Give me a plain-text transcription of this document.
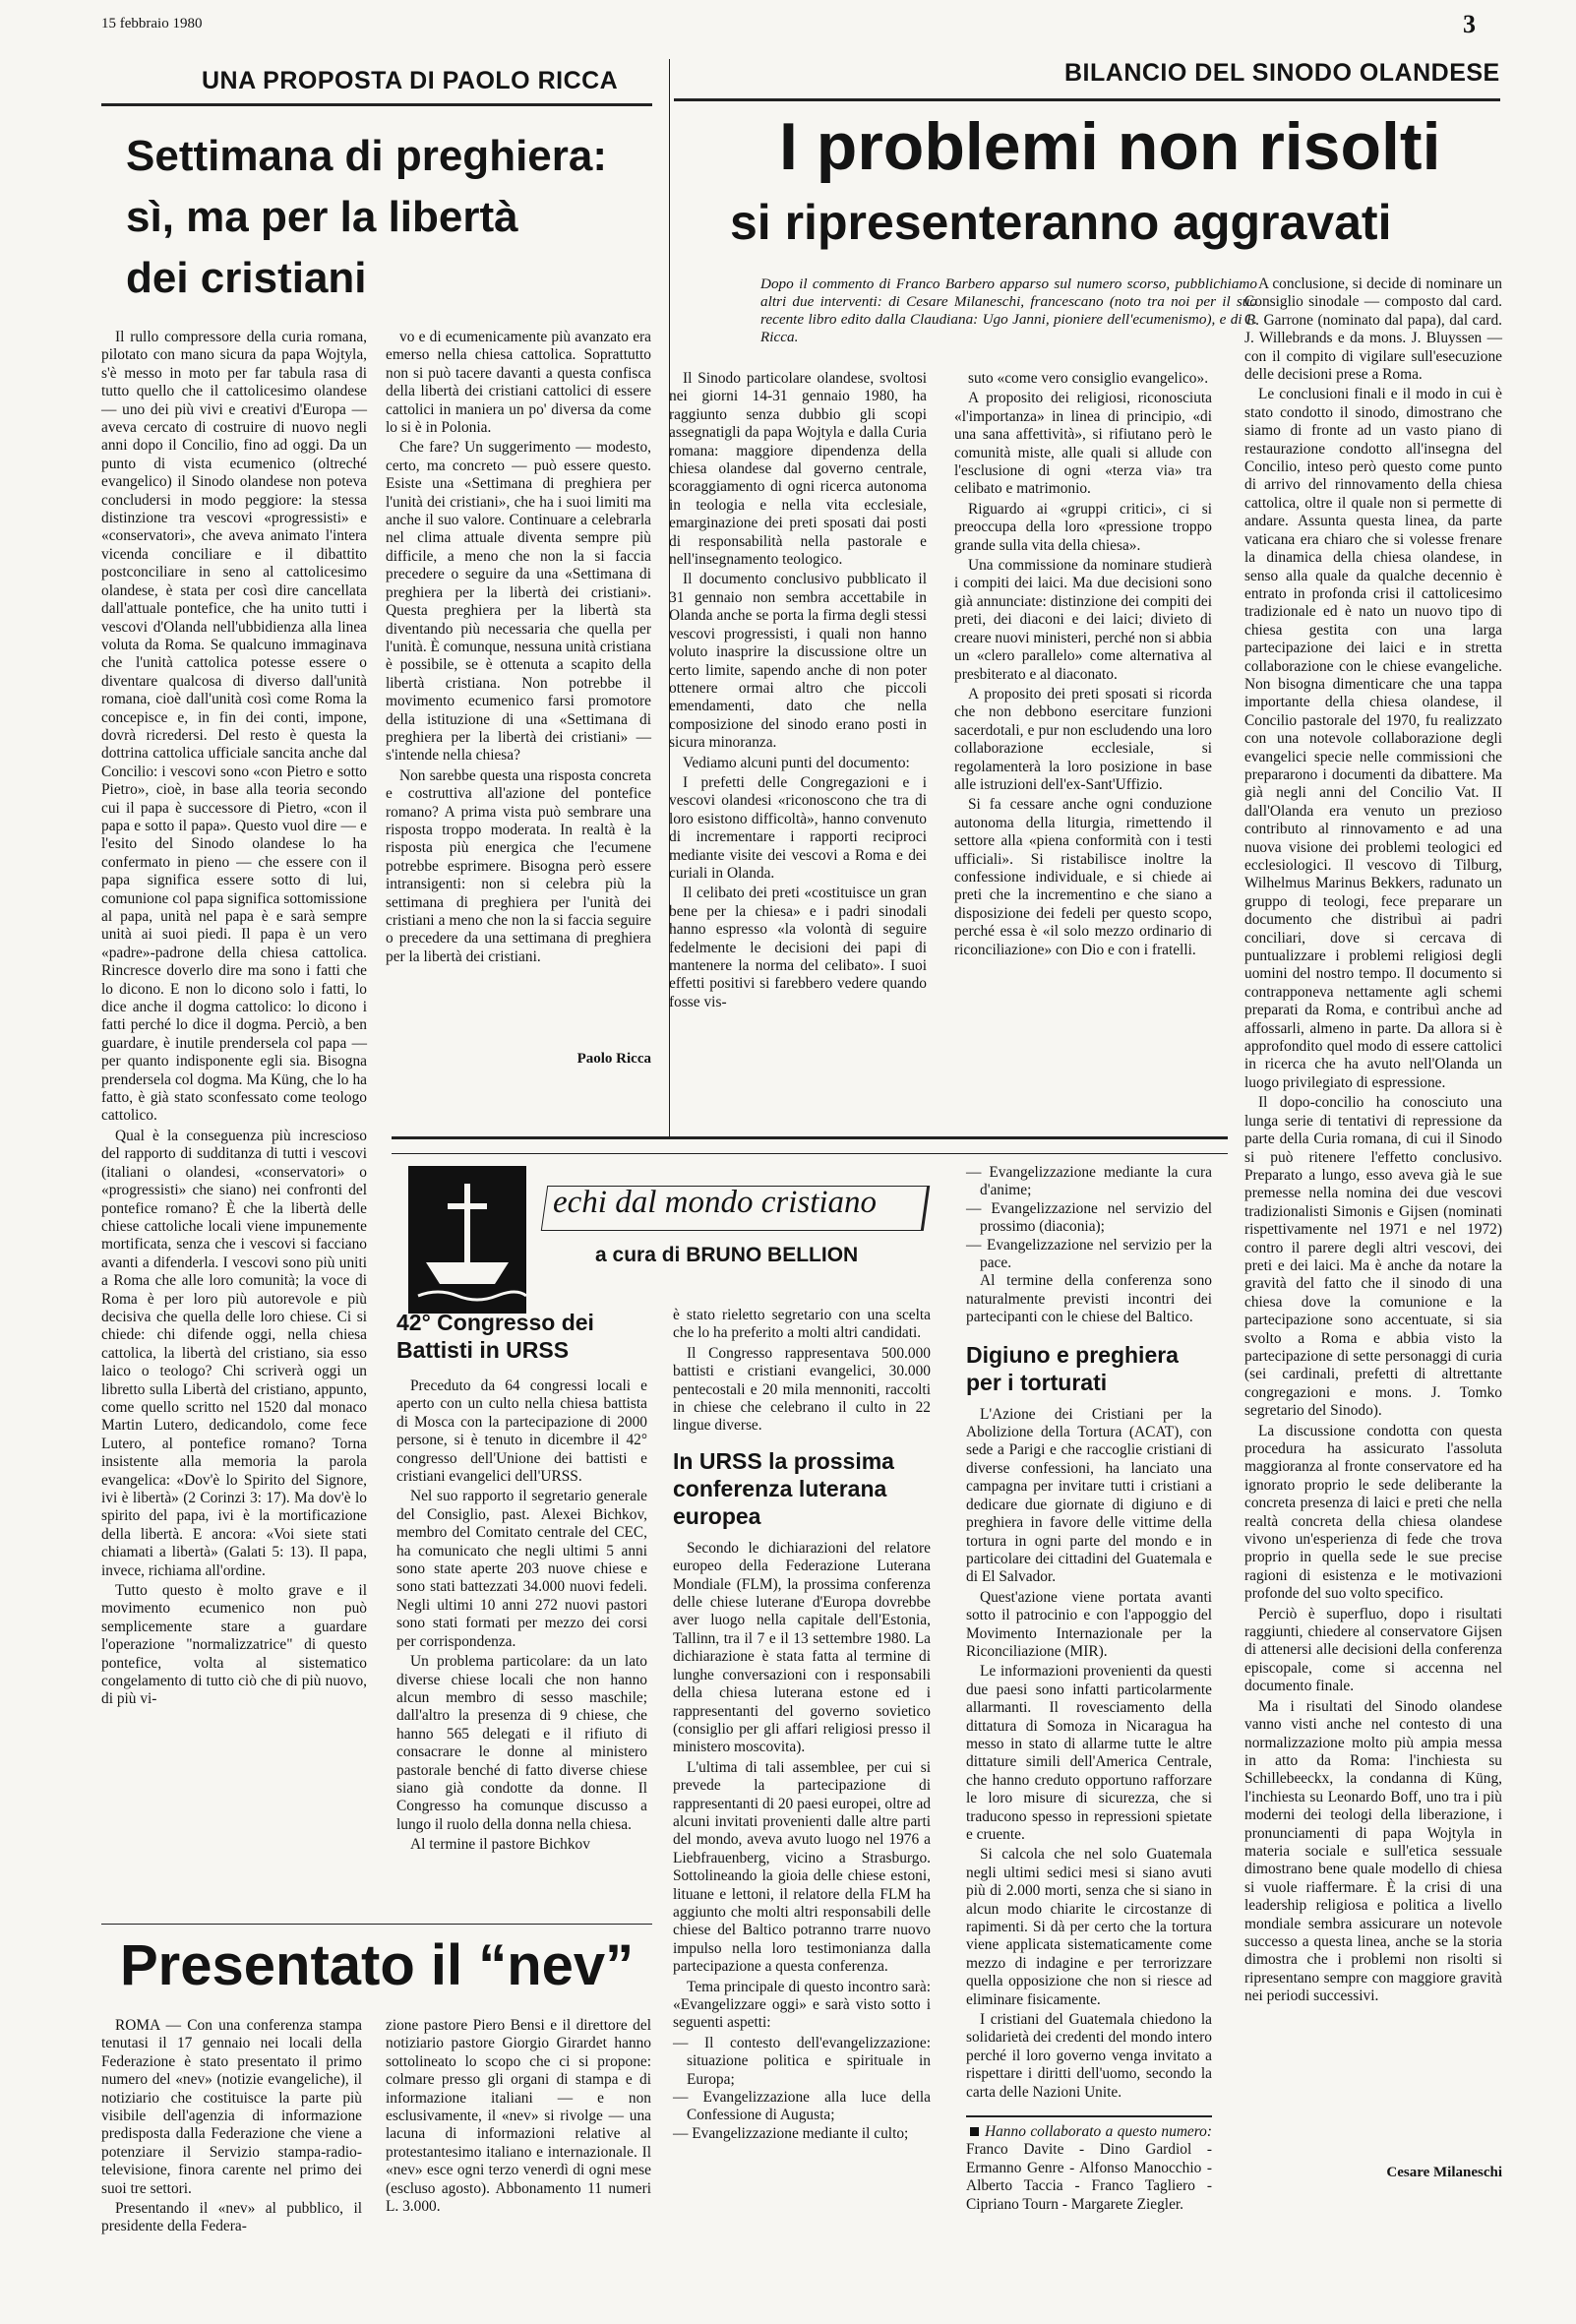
15 febbraio 1980	3
UNA PROPOSTA DI PAOLO RICCA
Settimana di preghiera:
sì, ma per la libertà
dei cristiani

Il rullo compressore della curia romana, pilotato con mano sicura da papa Wojtyla, s'è messo in moto per far tabula rasa di tutto quello che il cattolicesimo olandese — uno dei più vivi e creativi d'Europa — aveva cercato di costruire di nuovo negli anni dopo il Concilio, fino ad oggi. Da un punto di vista ecumenico (oltreché evangelico) il Sinodo olandese non poteva concludersi in modo peggiore: la stessa distinzione tra vescovi «progressisti» e «conservatori», che aveva animato l'intera vicenda conciliare e il dibattito postconciliare in seno al cattolicesimo olandese, è stata per così dire cancellata dall'attuale pontefice, che ha unito tutti i vescovi d'Olanda nell'ubbidienza alla linea voluta da Roma. Se qualcuno immaginava che l'unità cattolica potesse essere o diventare qualcosa di diverso dall'unità romana, cioè dall'unità così come Roma la concepisce e, in fin dei conti, impone, dovrà ricredersi. Del resto è questa la dottrina cattolica ufficiale sancita anche dal Concilio: i vescovi sono «con Pietro e sotto Pietro», cioè, in base alla teoria secondo cui il papa è successore di Pietro, «con il papa e sotto il papa». Questo vuol dire — e l'esito del Sinodo olandese lo ha confermato in pieno — che essere con il papa significa essere sotto di lui, comunione col papa significa sottomissione al papa, unità nel papa è e sarà sempre unità ai suoi piedi. Il papa è un vero «padre»-padrone della chiesa cattolica. Rincresce doverlo dire ma sono i fatti che lo dicono. E non lo dicono solo i fatti, lo dice anche il dogma cattolico: lo dicono i fatti perché lo dice il dogma. Perciò, a ben guardare, è inutile prendersela col papa — per quanto indisponente egli sia. Bisogna prendersela col dogma. Ma Küng, che lo ha fatto, è già stato sconfessato come teologo cattolico.

Qual è la conseguenza più increscioso del rapporto di sudditanza di tutti i vescovi (italiani o olandesi, «conservatori» o «progressisti» che siano) nei confronti del pontefice romano? È che la libertà delle chiese cattoliche locali viene impunemente mortificata, senza che i vescovi si facciano avanti a difenderla. I vescovi sono più uniti a Roma che alle loro comunità; la voce di Roma è per loro più autorevole e più decisiva che quella delle loro chiese. Ci si chiede: chi difende oggi, nella chiesa cattolica, la libertà del cristiano, sia esso laico o teologo? Chi scriverà oggi un libretto sulla Libertà del cristiano, appunto, come quello scritto nel 1520 dal monaco Martin Lutero, dedicandolo, come fece Lutero, al pontefice romano? Torna insistente alla memoria la parola evangelica: «Dov'è lo Spirito del Signore, ivi è libertà» (2 Corinzi 3: 17). Ma dov'è lo spirito del papa, ivi è la mortificazione della libertà. E ancora: «Voi siete stati chiamati a libertà» (Galati 5: 13). Il papa, invece, richiama all'ordine.

Tutto questo è molto grave e il movimento ecumenico non può semplicemente stare a guardare l'operazione "normalizzatrice" di questo pontefice, volta al sistematico congelamento di tutto ciò che di più nuovo, di più vi-

vo e di ecumenicamente più avanzato era emerso nella chiesa cattolica. Soprattutto non si può tacere davanti a questa confisca della libertà dei cristiani cattolici di essere cattolici in maniera un po' diversa da come lo si è in Polonia.

Che fare? Un suggerimento — modesto, certo, ma concreto — può essere questo. Esiste una «Settimana di preghiera per l'unità dei cristiani», che ha i suoi limiti ma anche il suo valore. Continuare a celebrarla nel clima attuale diventa sempre più difficile, a meno che non la si faccia precedere o seguire da una «Settimana di preghiera per la libertà dei cristiani». Questa preghiera per la libertà sta diventando più necessaria che quella per l'unità. È comunque, nessuna unità cristiana è possibile, se è ottenuta a scapito della libertà cristiana. Non potrebbe il movimento ecumenico farsi promotore della istituzione di una «Settimana di preghiera per la libertà dei cristiani» — s'intende nella chiesa?

Non sarebbe questa una risposta concreta e costruttiva all'azione del pontefice romano? A prima vista può sembrare una risposta troppo moderata. In realtà è la risposta più energica che l'ecumene potrebbe esprimere. Bisogna però essere intransigenti: non si celebra più la settimana di preghiera per l'unità dei cristiani a meno che non la si faccia seguire o precedere da una settimana di preghiera per la libertà dei cristiani.

Paolo Ricca
BILANCIO DEL SINODO OLANDESE
I problemi non risolti
si ripresenteranno aggravati
Dopo il commento di Franco Barbero apparso sul numero scorso, pubblichiamo altri due interventi: di Cesare Milaneschi, francescano (noto tra noi per il suo recente libro edito dalla Claudiana: Ugo Janni, pioniere dell'ecumenismo), e di P. Ricca.

Il Sinodo particolare olandese, svoltosi nei giorni 14-31 gennaio 1980, ha raggiunto senza dubbio gli scopi assegnatigli da papa Wojtyla e dalla Curia romana: maggiore dipendenza della chiesa olandese dal governo centrale, scoraggiamento di ogni ricerca autonoma in teologia e nella vita ecclesiale, emarginazione dei preti sposati dai posti di responsabilità nella pastorale e nell'insegnamento teologico.

Il documento conclusivo pubblicato il 31 gennaio non sembra accettabile in Olanda anche se porta la firma degli stessi vescovi progressisti, i quali non hanno voluto inasprire la discussione oltre un certo limite, sapendo anche di non poter ottenere ormai altro che piccoli emendamenti, dato che nella composizione del sinodo erano posti in sicura minoranza.

Vediamo alcuni punti del documento:

I prefetti delle Congregazioni e i vescovi olandesi «riconoscono che tra di loro esistono difficoltà», hanno convenuto di incrementare i rapporti reciproci mediante visite dei vescovi a Roma e dei curiali in Olanda.

Il celibato dei preti «costituisce un gran bene per la chiesa» e i padri sinodali hanno espresso «la volontà di seguire fedelmente le decisioni dei papi di mantenere la norma del celibato». I suoi effetti positivi si farebbero vedere quando fosse vis-

suto «come vero consiglio evangelico».

A proposito dei religiosi, riconosciuta «l'importanza» in linea di principio, «di una sana affettività», si rifiutano però le comunità miste, alle quali si allude con l'esclusione di ogni «terza via» tra celibato e matrimonio.

Riguardo ai «gruppi critici», ci si preoccupa della loro «pressione troppo grande sulla vita della chiesa».

Una commissione da nominare studierà i compiti dei laici. Ma due decisioni sono già annunciate: distinzione dei compiti dei preti, dei diaconi e dei laici; divieto di creare nuovi ministeri, perché non si abbia un «clero parallelo» come alternativa al presbiterato e al diaconato.

A proposito dei preti sposati si ricorda che non debbono esercitare funzioni sacerdotali, e pur non escludendo una loro collaborazione ecclesiale, si regolamenterà la loro posizione in base alle istruzioni dell'ex-Sant'Uffizio.

Si fa cessare anche ogni conduzione autonoma della liturgia, rimettendo il settore alla «piena conformità con i testi ufficiali». Si ristabilisce inoltre la confessione individuale, e si chiede ai preti che la incrementino e che siano a disposizione dei fedeli per questo scopo, perché essa è «il solo mezzo ordinario di riconciliazione» con Dio e con i fratelli.

A conclusione, si decide di nominare un Consiglio sinodale — composto dal card. G. Garrone (nominato dal papa), dal card. J. Willebrands e da mons. J. Bluyssen — con il compito di vigilare sull'esecuzione delle decisioni prese a Roma.

Le conclusioni finali e il modo in cui è stato condotto il sinodo, dimostrano che siamo di fronte ad un vasto piano di restaurazione condotto all'insegna del Concilio, inteso però questo come punto di arrivo del rinnovamento della chiesa cattolica, oltre il quale non si permette di andare. Assunta questa linea, da parte vaticana era chiaro che si volesse frenare la dinamica della chiesa olandese, in senso alla quale da qualche decennio è entrato in profonda crisi il cattolicesimo tradizionale ed è nato un nuovo tipo di chiesa gestita con una larga partecipazione dei laici e in stretta collaborazione con le chiese evangeliche. Non bisogna dimenticare che una tappa importante della chiesa olandese, il Concilio pastorale del 1970, fu realizzato con una notevole collaborazione degli evangelici specie nelle commissioni che prepararono i documenti da dibattere. Ma già negli anni del Concilio Vat. II dall'Olanda era venuto un prezioso contributo al rinnovamento e ad una nuova visione dei problemi teologici ed ecclesiologici. Il vescovo di Tilburg, Wilhelmus Marinus Bekkers, radunato un gruppo di teologi, fece preparare un documento che distribuì ai padri conciliari, dove si cercava di puntualizzare i problemi religiosi degli uomini del nostro tempo. Il documento si contrapponeva nettamente agli schemi preparati da Roma, e contribuì anche ad affossarli, almeno in parte. Da allora si è approfondito quel modo di essere cattolici in ricerca che ha avuto nell'Olanda un luogo privilegiato di espressione.

Il dopo-concilio ha conosciuto una lunga serie di tentativi di repressione da parte della Curia romana, di cui il Sinodo si può ritenere l'effetto conclusivo. Preparato a lungo, esso aveva già le sue premesse nella nomina dei due vescovi tradizionalisti Simonis e Gijsen (nominati rispettivamente nel 1971 e nel 1972) contro il parere degli altri vescovi, dei preti e dei laici. Ma è anche da notare la gravità del fatto che il sinodo di una chiesa dove la comunione e la partecipazione sono accentuate, si sia svolto a Roma e abbia visto la partecipazione di sette personaggi di curia (sei cardinali, prefetti di altrettante congregazioni e mons. J. Tomko segretario del Sinodo).

La discussione condotta con questa procedura ha assicurato l'assoluta maggioranza al fronte conservatore ed ha ignorato proprio le sede deliberante la concreta presenza di laici e preti che nella realtà concreta della chiesa olandese vivono un'esperienza di fede che trova proprio in quella sede le sue precise ragioni di esistenza e le motivazioni profonde del suo volto specifico.

Perciò è superfluo, dopo i risultati raggiunti, chiedere al conservatore Gijsen di attenersi alle decisioni della conferenza episcopale, come si accenna nel documento finale.

Ma i risultati del Sinodo olandese vanno visti anche nel contesto di una normalizzazione molto più ampia messa in atto da Roma: l'inchiesta su Schillebeeckx, la condanna di Küng, l'inchiesta su Leonardo Boff, uno tra i più moderni dei teologi della liberazione, i pronunciamenti di papa Wojtyla in materia sociale e sull'etica sessuale dimostrano bene quale modello di chiesa si vuole riaffermare. È la crisi di una leadership religiosa e politica a livello mondiale sembra assicurare un notevole successo a questa linea, anche se la storia dimostra che i problemi non risolti si ripresentano sempre con maggiore gravità nei periodi successivi.

Cesare Milaneschi
echi dal mondo cristiano
a cura di BRUNO BELLION

42° Congresso dei Battisti in URSS

Preceduto da 64 congressi locali e aperto con un culto nella chiesa battista di Mosca con la partecipazione di 2000 persone, si è tenuto in dicembre il 42° congresso dell'Unione dei battisti e cristiani evangelici dell'URSS.

Nel suo rapporto il segretario generale del Consiglio, past. Alexei Bichkov, membro del Comitato centrale del CEC, ha comunicato che negli ultimi 5 anni sono state aperte 203 nuove chiese e sono stati battezzati 34.000 nuovi fedeli. Negli ultimi 10 anni 272 nuovi pastori sono stati formati per mezzo dei corsi per corrispondenza.

Un problema particolare: da un lato diverse chiese locali che non hanno alcun membro di sesso maschile; dall'altro la presenza di 9 chiese, che hanno 565 delegati e il rifiuto di consacrare le donne al ministero pastorale benché di fatto diverse chiese siano già condotte da donne. Il Congresso ha comunque discusso a lungo il ruolo della donna nella chiesa.

Al termine il pastore Bichkov

è stato rieletto segretario con una scelta che lo ha preferito a molti altri candidati.

Il Congresso rappresentava 500.000 battisti e cristiani evangelici, 30.000 pentecostali e 20 mila mennoniti, raccolti in chiese che celebrano il culto in 22 lingue diverse.

In URSS la prossima conferenza luterana europea

Secondo le dichiarazioni del relatore europeo della Federazione Luterana Mondiale (FLM), la prossima conferenza delle chiese luterane d'Europa dovrebbe aver luogo nella capitale dell'Estonia, Tallinn, tra il 7 e il 13 settembre 1980. La dichiarazione è stata fatta al termine di lunghe conversazioni con i responsabili della chiesa luterana estone ed i rappresentanti del governo sovietico (consiglio per gli affari religiosi presso il ministero moscovita).

L'ultima di tali assemblee, per cui si prevede la partecipazione di rappresentanti di 20 paesi europei, oltre ad alcuni invitati provenienti dalle altre parti del mondo, aveva avuto luogo nel 1976 a Liebfrauenberg, vicino a Strasburgo. Sottolineando la gioia delle chiese estoni, lituane e lettoni, il relatore della FLM ha aggiunto che molti altri responsabili delle chiese del Baltico potranno trarre nuovo impulso nella loro testimonianza dalla partecipazione a questa conferenza.

Tema principale di questo incontro sarà: «Evangelizzare oggi» e sarà visto sotto i seguenti aspetti:

— Il contesto dell'evangelizzazione: situazione politica e spirituale in Europa;
— Evangelizzazione alla luce della Confessione di Augusta;
— Evangelizzazione mediante il culto;
— Evangelizzazione mediante la cura d'anime;
— Evangelizzazione nel servizio del prossimo (diaconia);
— Evangelizzazione nel servizio per la pace.

Al termine della conferenza sono naturalmente previsti incontri dei partecipanti con le chiese del Baltico.

Digiuno e preghiera per i torturati

L'Azione dei Cristiani per la Abolizione della Tortura (ACAT), con sede a Parigi e che raccoglie cristiani di diverse confessioni, ha lanciato una campagna per invitare tutti i cristiani a dedicare due giornate di digiuno e di preghiera in favore delle vittime della tortura in ogni parte del mondo e in particolare dei cittadini del Guatemala e di El Salvador.

Quest'azione viene portata avanti sotto il patrocinio e con l'appoggio del Movimento Internazionale per la Riconciliazione (MIR).

Le informazioni provenienti da questi due paesi sono infatti particolarmente allarmanti. Il rovesciamento della dittatura di Somoza in Nicaragua ha messo in stato di allarme tutte le altre dittature simili dell'America Centrale, che hanno creduto opportuno rafforzare le loro misure di sicurezza, che si traducono spesso in repressioni spietate e cruente.

Si calcola che nel solo Guatemala negli ultimi sedici mesi si siano avuti più di 2.000 morti, senza che si siano in alcun modo chiarite le circostanze di rapimenti. Si dà per certo che la tortura viene applicata sistematicamente come mezzo di indagine e per terrorizzare quella opposizione che non si riesce ad eliminare fisicamente.

I cristiani del Guatemala chiedono la solidarietà dei credenti del mondo intero perché il loro governo venga invitato a rispettare i diritti dell'uomo, secondo la carta delle Nazioni Unite.

Hanno collaborato a questo numero: Franco Davite - Dino Gardiol - Ermanno Genre - Alfonso Manocchio - Alberto Taccia - Franco Tagliero - Cipriano Tourn - Margarete Ziegler.
Presentato il “nev”

ROMA — Con una conferenza stampa tenutasi il 17 gennaio nei locali della Federazione è stato presentato il primo numero del «nev» (notizie evangeliche), il notiziario che costituisce la parte più visibile dell'agenzia di informazione predisposta dalla Federazione che viene a potenziare il Servizio stampa-radio-televisione, finora carente nel primo dei suoi tre settori.

Presentando il «nev» al pubblico, il presidente della Federa-

zione pastore Piero Bensi e il direttore del notiziario pastore Giorgio Girardet hanno sottolineato lo scopo che ci si propone: colmare presso gli organi di stampa e di informazione italiani — e non esclusivamente, il «nev» si rivolge — una lacuna di informazioni relative al protestantesimo italiano e internazionale. Il «nev» esce ogni terzo venerdì di ogni mese (escluso agosto). Abbonamento 11 numeri L. 3.000.
